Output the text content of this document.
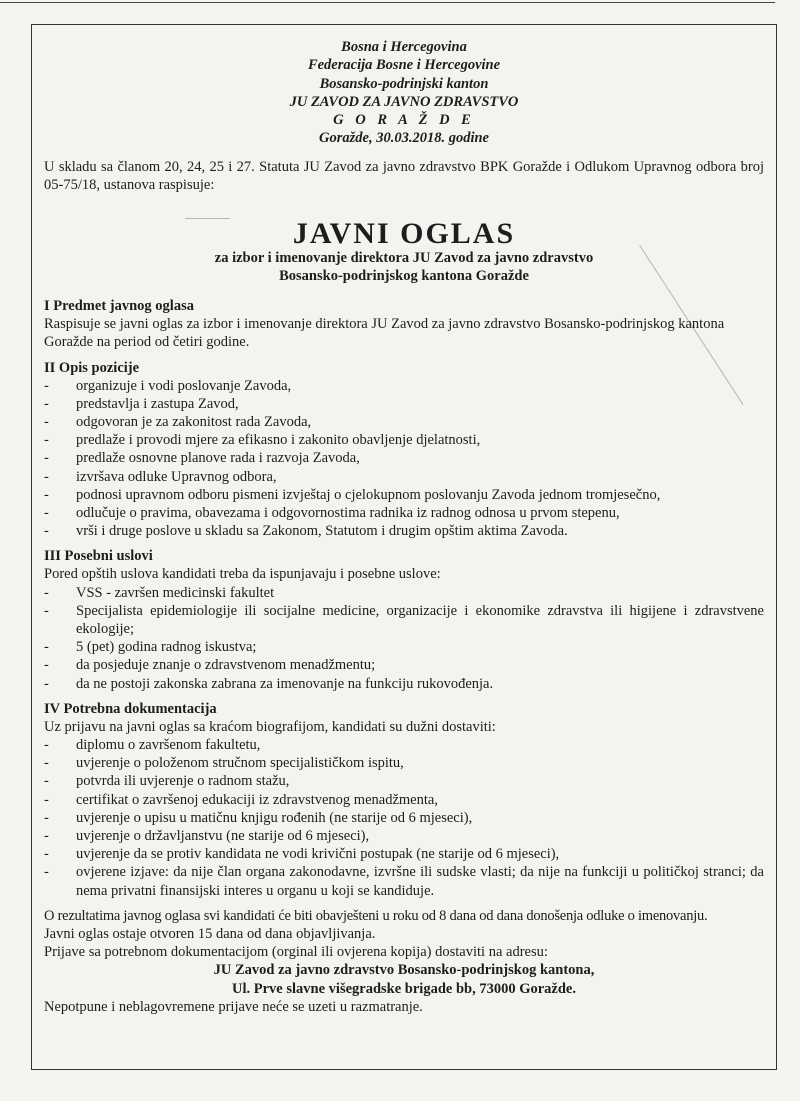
Bosna i Hercegovina
Federacija Bosne i Hercegovine
Bosansko-podrinjski kanton
JU ZAVOD ZA JAVNO ZDRAVSTVO
G O R A Ž D E
Goražde, 30.03.2018. godine

U skladu sa članom 20, 24, 25 i 27. Statuta JU Zavod za javno zdravstvo BPK Goražde i Odlukom Upravnog odbora broj 05-75/18, ustanova raspisuje:

JAVNI OGLAS
za izbor i imenovanje direktora JU Zavod za javno zdravstvo
Bosansko-podrinjskog kantona Goražde
I Predmet javnog oglasa

Raspisuje se javni oglas za izbor i imenovanje direktora JU Zavod za javno zdravstvo Bosansko-podrinjskog kantona Goražde na period od četiri godine.

II Opis pozicije
- organizuje i vodi poslovanje Zavoda,
- predstavlja i zastupa Zavod,
- odgovoran je za zakonitost rada Zavoda,
- predlaže i provodi mjere za efikasno i zakonito obavljenje djelatnosti,
- predlaže osnovne planove rada i razvoja Zavoda,
- izvršava odluke Upravnog odbora,
- podnosi upravnom odboru pismeni izvještaj o cjelokupnom poslovanju Zavoda jednom tromjesečno,
- odlučuje o pravima, obavezama i odgovornostima radnika iz radnog odnosa u prvom stepenu,
- vrši i druge poslove u skladu sa Zakonom, Statutom i drugim opštim aktima Zavoda.
III Posebni uslovi

Pored opštih uslova kandidati treba da ispunjavaju i posebne uslove:

- VSS - završen medicinski fakultet
- Specijalista epidemiologije ili socijalne medicine, organizacije i ekonomike zdravstva ili higijene i zdravstvene ekologije;
- 5 (pet) godina radnog iskustva;
- da posjeduje znanje o zdravstvenom menadžmentu;
- da ne postoji zakonska zabrana za imenovanje na funkciju rukovođenja.
IV Potrebna dokumentacija

Uz prijavu na javni oglas sa kraćom biografijom, kandidati su dužni dostaviti:

- diplomu o završenom fakultetu,
- uvjerenje o položenom stručnom specijalističkom ispitu,
- potvrda ili uvjerenje o radnom stažu,
- certifikat o završenoj edukaciji iz zdravstvenog menadžmenta,
- uvjerenje o upisu u matičnu knjigu rođenih (ne starije od 6 mjeseci),
- uvjerenje o državljanstvu (ne starije od 6 mjeseci),
- uvjerenje da se protiv kandidata ne vodi krivični postupak (ne starije od 6 mjeseci),
- ovjerene izjave: da nije član organa zakonodavne, izvršne ili sudske vlasti; da nije na funkciji u političkoj stranci; da nema privatni finansijski interes u organu u koji se kandiduje.

O rezultatima javnog oglasa svi kandidati će biti obavješteni u roku od 8 dana od dana donošenja odluke o imenovanju.

Javni oglas ostaje otvoren 15 dana od dana objavljivanja.

Prijave sa potrebnom dokumentacijom (orginal ili ovjerena kopija) dostaviti na adresu:

JU Zavod za javno zdravstvo Bosansko-podrinjskog kantona,
Ul. Prve slavne višegradske brigade bb, 73000 Goražde.

Nepotpune i neblagovremene prijave neće se uzeti u razmatranje.
